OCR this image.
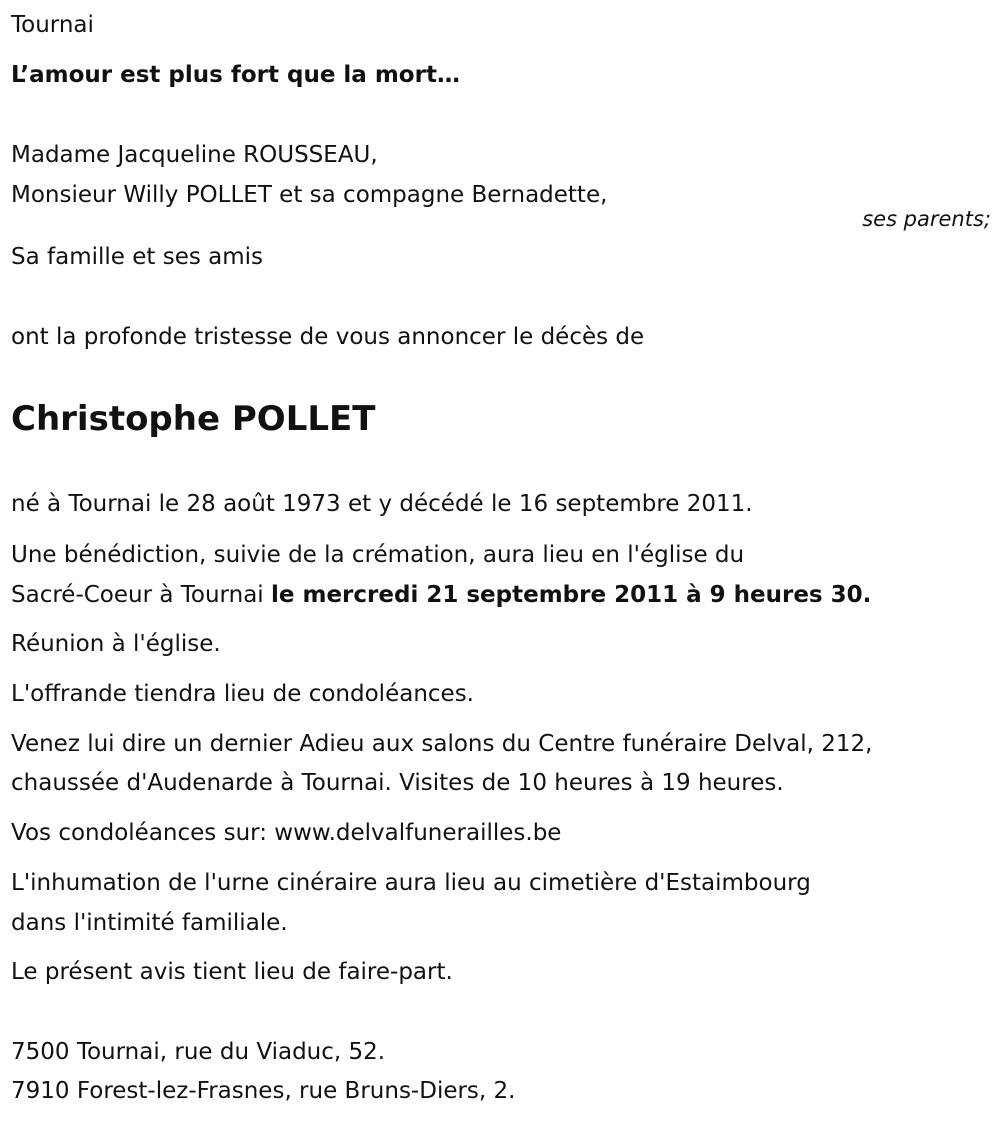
Tournai
L’amour est plus fort que la mort…
Madame Jacqueline ROUSSEAU,
Monsieur Willy POLLET et sa compagne Bernadette,
ses parents;
Sa famille et ses amis
ont la profonde tristesse de vous annoncer le décès de
Christophe POLLET
né à Tournai le 28 août 1973 et y décédé le 16 septembre 2011.
Une bénédiction, suivie de la crémation, aura lieu en l'église du
Sacré-Coeur à Tournai le mercredi 21 septembre 2011 à 9 heures 30.
Réunion à l'église.
L'offrande tiendra lieu de condoléances.
Venez lui dire un dernier Adieu aux salons du Centre funéraire Delval, 212,
chaussée d'Audenarde à Tournai. Visites de 10 heures à 19 heures.
Vos condoléances sur: www.delvalfunerailles.be
L'inhumation de l'urne cinéraire aura lieu au cimetière d'Estaimbourg
dans l'intimité familiale.
Le présent avis tient lieu de faire-part.
7500 Tournai, rue du Viaduc, 52.
7910 Forest-lez-Frasnes, rue Bruns-Diers, 2.
